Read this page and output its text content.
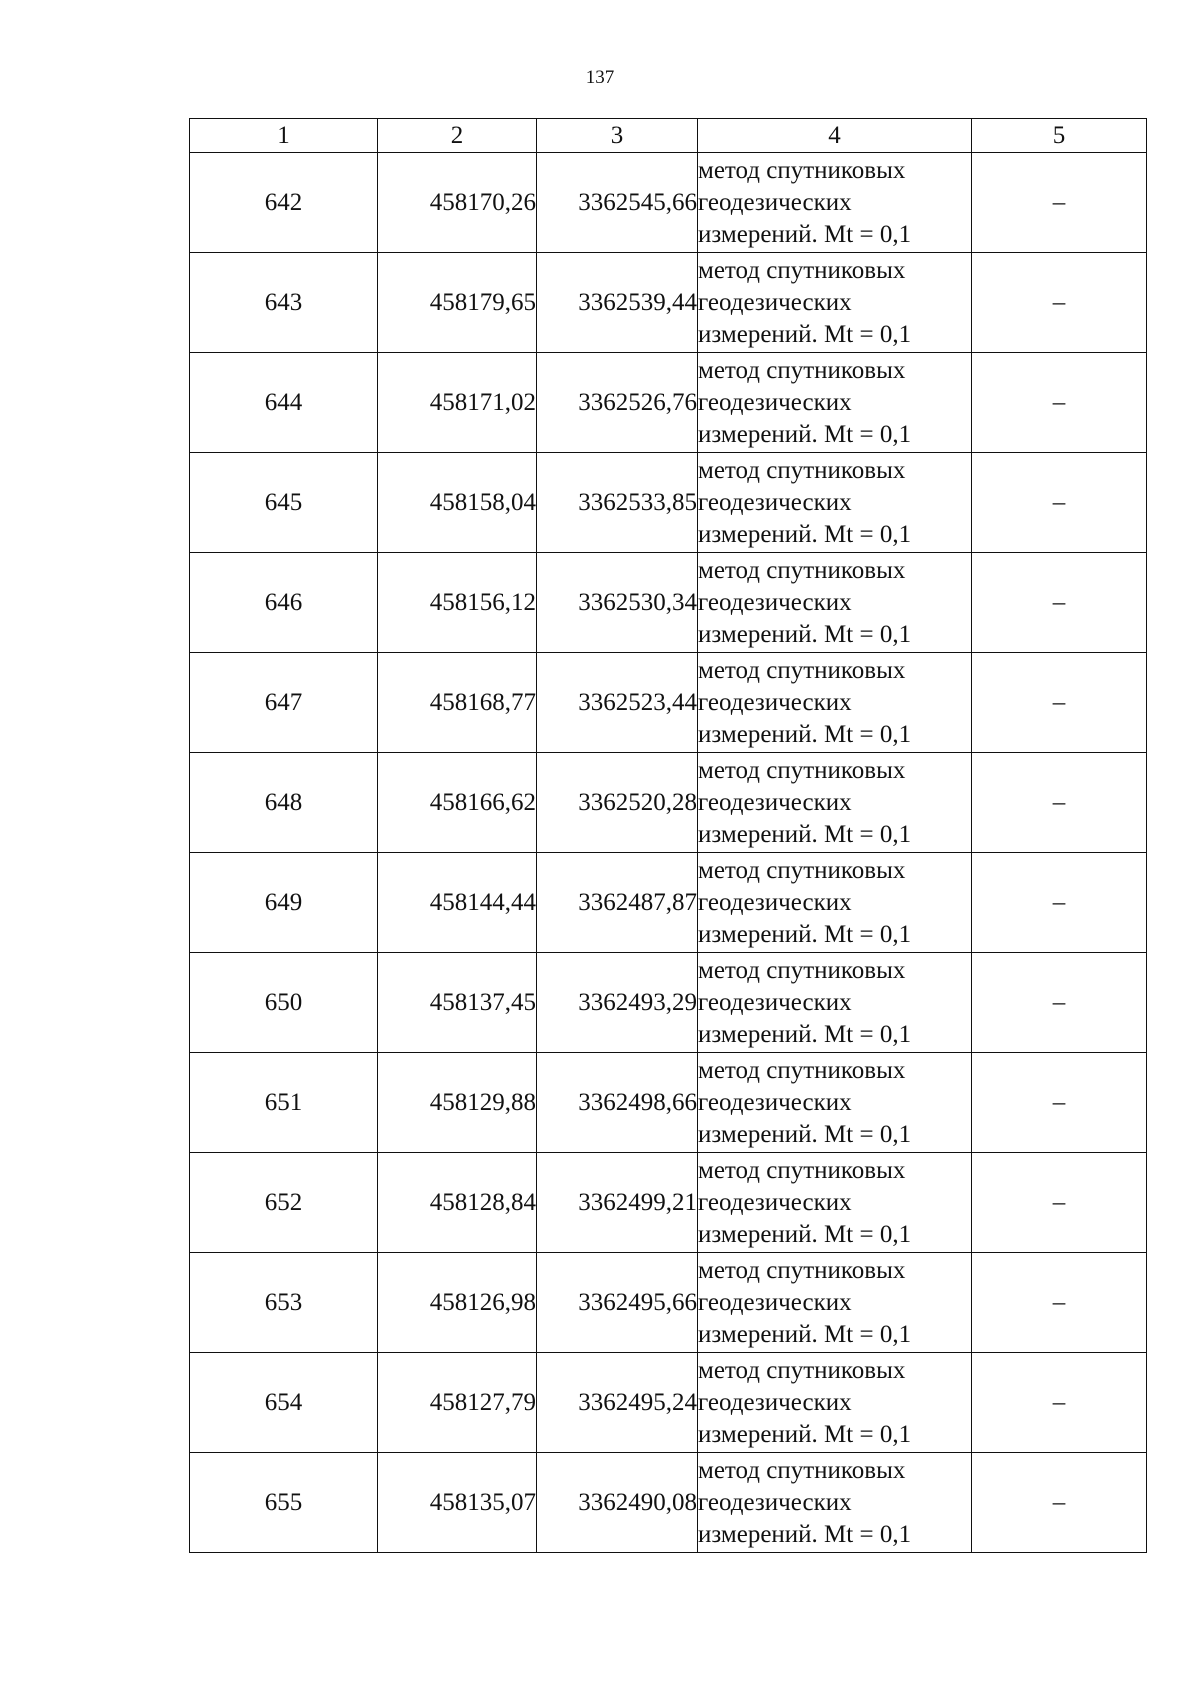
137
1	2	3	4	5
642	458170,26	3362545,66	метод спутниковых
геодезических
измерений. Mt = 0,1	–
643	458179,65	3362539,44	метод спутниковых
геодезических
измерений. Mt = 0,1	–
644	458171,02	3362526,76	метод спутниковых
геодезических
измерений. Mt = 0,1	–
645	458158,04	3362533,85	метод спутниковых
геодезических
измерений. Mt = 0,1	–
646	458156,12	3362530,34	метод спутниковых
геодезических
измерений. Mt = 0,1	–
647	458168,77	3362523,44	метод спутниковых
геодезических
измерений. Mt = 0,1	–
648	458166,62	3362520,28	метод спутниковых
геодезических
измерений. Mt = 0,1	–
649	458144,44	3362487,87	метод спутниковых
геодезических
измерений. Mt = 0,1	–
650	458137,45	3362493,29	метод спутниковых
геодезических
измерений. Mt = 0,1	–
651	458129,88	3362498,66	метод спутниковых
геодезических
измерений. Mt = 0,1	–
652	458128,84	3362499,21	метод спутниковых
геодезических
измерений. Mt = 0,1	–
653	458126,98	3362495,66	метод спутниковых
геодезических
измерений. Mt = 0,1	–
654	458127,79	3362495,24	метод спутниковых
геодезических
измерений. Mt = 0,1	–
655	458135,07	3362490,08	метод спутниковых
геодезических
измерений. Mt = 0,1	–
